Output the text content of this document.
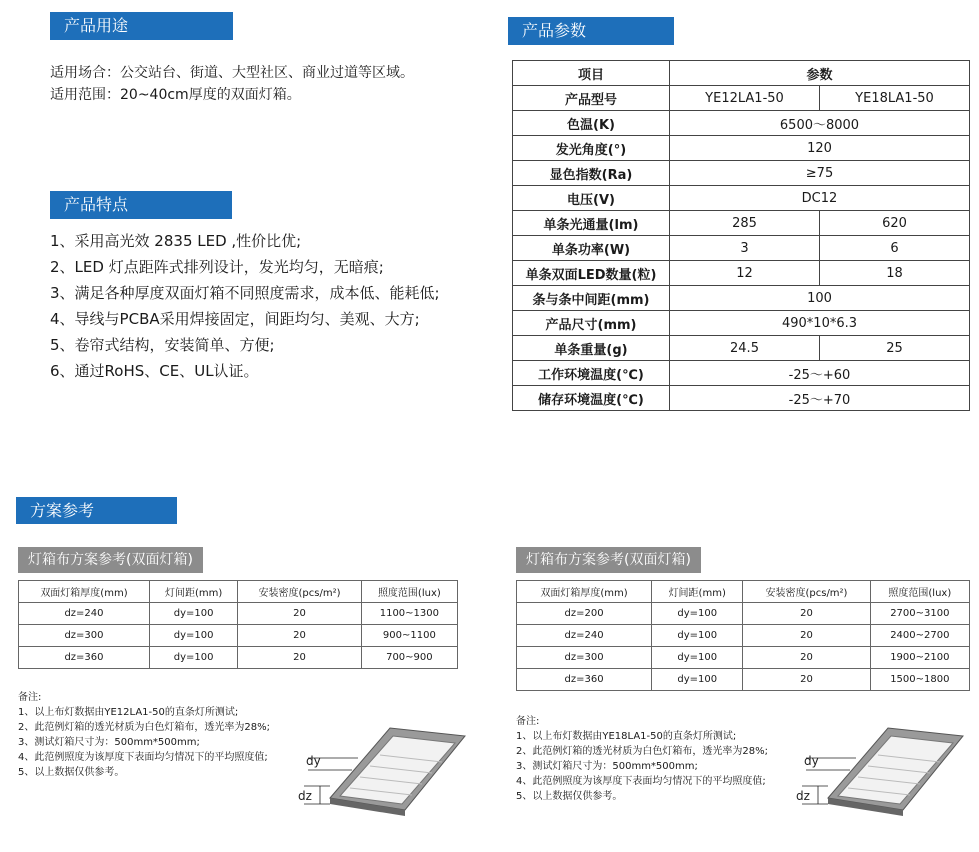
产品用途
适用场合：公交站台、街道、大型社区、商业过道等区域。
适用范围：20~40cm厚度的双面灯箱。
产品特点
1、采用高光效 2835 LED ,性价比优;
2、LED 灯点距阵式排列设计，发光均匀，无暗痕;
3、满足各种厚度双面灯箱不同照度需求，成本低、能耗低;
4、导线与PCBA采用焊接固定，间距均匀、美观、大方;
5、卷帘式结构，安装简单、方便;
6、通过RoHS、CE、UL认证。
产品参数
项目	参数	
产品型号	YE12LA1-50	YE18LA1-50
色温(K)	6500～8000	
发光角度(°)	120	
显色指数(Ra)	≥75	
电压(V)	DC12	
单条光通量(lm)	285	620
单条功率(W)	3	6
单条双面LED数量(粒)	12	18
条与条中间距(mm)	100	
产品尺寸(mm)	490*10*6.3	
单条重量(g)	24.5	25
工作环境温度(℃)	-25～+60	
储存环境温度(℃)	-25～+70	
方案参考
灯箱布方案参考(双面灯箱)
双面灯箱厚度(mm)	灯间距(mm)	安装密度(pcs/m²)	照度范围(lux)
dz=240	dy=100	20	1100~1300
dz=300	dy=100	20	900~1100
dz=360	dy=100	20	700~900
备注:
1、以上布灯数据由YE12LA1-50的直条灯所测试;
2、此范例灯箱的透光材质为白色灯箱布，透光率为28%;
3、测试灯箱尺寸为：500mm*500mm;
4、此范例照度为该厚度下表面均匀情况下的平均照度值;
5、以上数据仅供参考。
dy
dz
灯箱布方案参考(双面灯箱)
双面灯箱厚度(mm)	灯间距(mm)	安装密度(pcs/m²)	照度范围(lux)
dz=200	dy=100	20	2700~3100
dz=240	dy=100	20	2400~2700
dz=300	dy=100	20	1900~2100
dz=360	dy=100	20	1500~1800
备注:
1、以上布灯数据由YE18LA1-50的直条灯所测试;
2、此范例灯箱的透光材质为白色灯箱布，透光率为28%;
3、测试灯箱尺寸为：500mm*500mm;
4、此范例照度为该厚度下表面均匀情况下的平均照度值;
5、以上数据仅供参考。
dy
dz
